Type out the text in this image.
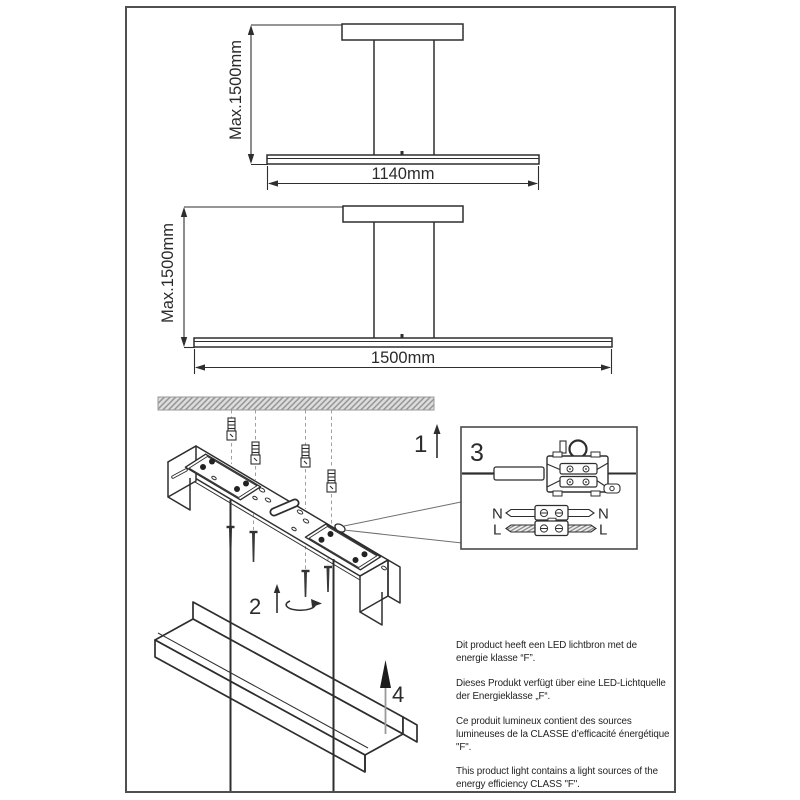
Max.1500mm
1140mm
Max.1500mm
1500mm
1
2
4
3
N	N
L	L

Dit product heeft een LED lichtbron met de energie klasse “F”.

Dieses Produkt verfügt über eine LED-Lichtquelle der Energieklasse „F“.

Ce produit lumineux contient des sources lumineuses de la CLASSE d’efficacité énergétique "F".

This product light contains a light sources of the energy efficiency CLASS "F".
